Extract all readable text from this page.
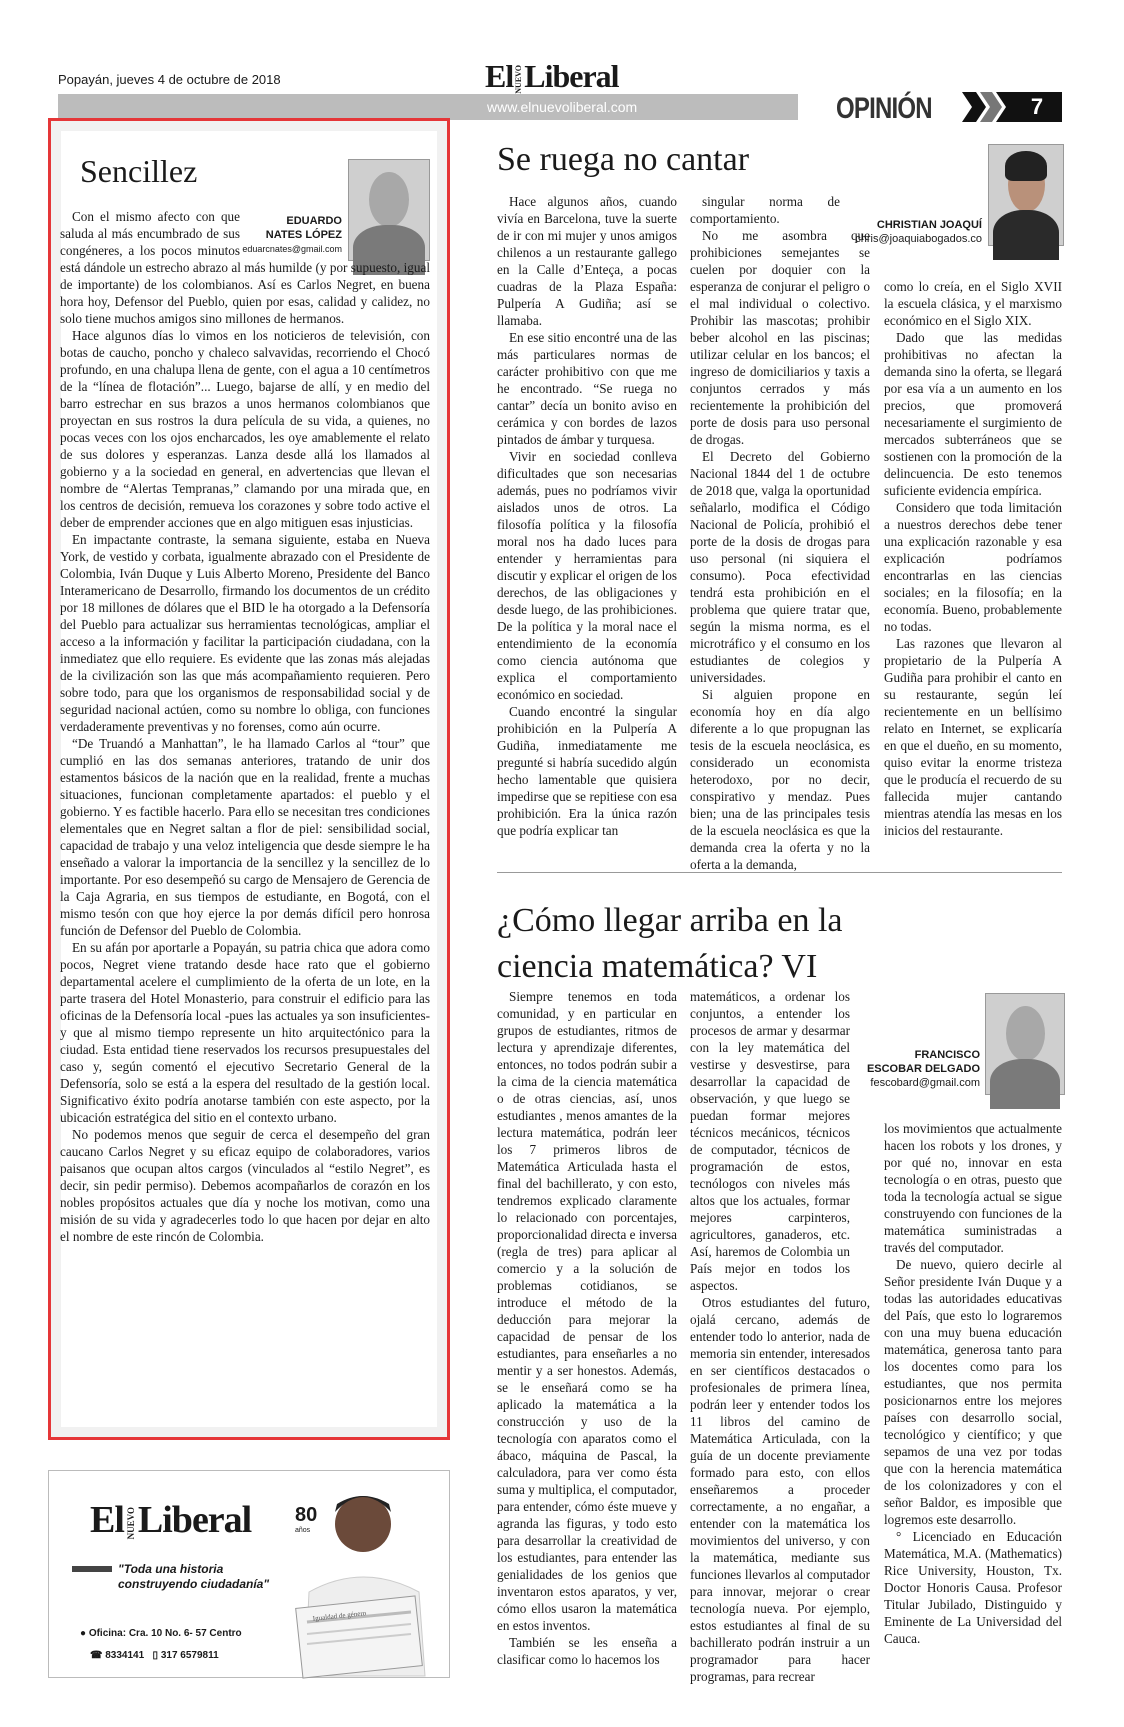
Popayán, jueves 4 de octubre de 2018	ElNUEVOLiberal
www.elnuevoliberal.com	OPINIÓN	7
Sencillez
EDUARDO
NATES LÓPEZ
eduarcnates@gmail.com

Con el mismo afecto con que saluda al más encumbrado de sus congéneres, a los pocos minutos está dándole un estrecho abrazo al más humilde (y por supuesto, igual de importante) de los colombianos. Así es Carlos Negret, en buena hora hoy, Defensor del Pueblo, quien por esas, calidad y calidez, no solo tiene muchos amigos sino millones de hermanos.

Hace algunos días lo vimos en los noticieros de televisión, con botas de caucho, poncho y chaleco salvavidas, recorriendo el Chocó profundo, en una chalupa llena de gente, con el agua a 10 centímetros de la “línea de flotación”... Luego, bajarse de allí, y en medio del barro estrechar en sus brazos a unos hermanos colombianos que proyectan en sus rostros la dura película de su vida, a quienes, no pocas veces con los ojos encharcados, les oye amablemente el relato de sus dolores y esperanzas. Lanza desde allá los llamados al gobierno y a la sociedad en general, en advertencias que llevan el nombre de “Alertas Tempranas,” clamando por una mirada que, en los centros de decisión, remueva los corazones y sobre todo active el deber de emprender acciones que en algo mitiguen esas injusticias.

En impactante contraste, la semana siguiente, estaba en Nueva York, de vestido y corbata, igualmente abrazado con el Presidente de Colombia, Iván Duque y Luis Alberto Moreno, Presidente del Banco Interamericano de Desarrollo, firmando los documentos de un crédito por 18 millones de dólares que el BID le ha otorgado a la Defensoría del Pueblo para actualizar sus herramientas tecnológicas, ampliar el acceso a la información y facilitar la participación ciudadana, con la inmediatez que ello requiere. Es evidente que las zonas más alejadas de la civilización son las que más acompañamiento requieren. Pero sobre todo, para que los organismos de responsabilidad social y de seguridad nacional actúen, como su nombre lo obliga, con funciones verdaderamente preventivas y no forenses, como aún ocurre.

“De Truandó a Manhattan”, le ha llamado Carlos al “tour” que cumplió en las dos semanas anteriores, tratando de unir dos estamentos básicos de la nación que en la realidad, frente a muchas situaciones, funcionan completamente apartados: el pueblo y el gobierno. Y es factible hacerlo. Para ello se necesitan tres condiciones elementales que en Negret saltan a flor de piel: sensibilidad social, capacidad de trabajo y una veloz inteligencia que desde siempre le ha enseñado a valorar la importancia de la sencillez y la sencillez de lo importante. Por eso desempeñó su cargo de Mensajero de Gerencia de la Caja Agraria, en sus tiempos de estudiante, en Bogotá, con el mismo tesón con que hoy ejerce la por demás difícil pero honrosa función de Defensor del Pueblo de Colombia.

En su afán por aportarle a Popayán, su patria chica que adora como pocos, Negret viene tratando desde hace rato que el gobierno departamental acelere el cumplimiento de la oferta de un lote, en la parte trasera del Hotel Monasterio, para construir el edificio para las oficinas de la Defensoría local -pues las actuales ya son insuficientes- y que al mismo tiempo represente un hito arquitectónico para la ciudad. Esta entidad tiene reservados los recursos presupuestales del caso y, según comentó el ejecutivo Secretario General de la Defensoría, solo se está a la espera del resultado de la gestión local. Significativo éxito podría anotarse también con este aspecto, por la ubicación estratégica del sitio en el contexto urbano.

No podemos menos que seguir de cerca el desempeño del gran caucano Carlos Negret y su eficaz equipo de colaboradores, varios paisanos que ocupan altos cargos (vinculados al “estilo Negret”, es decir, sin pedir permiso). Debemos acompañarlos de corazón en los nobles propósitos actuales que día y noche los motivan, como una misión de su vida y agradecerles todo lo que hacen por dejar en alto el nombre de este rincón de Colombia.

Se ruega no cantar
CHRISTIAN JOAQUÍ
chris@joaquiabogados.co

Hace algunos años, cuando vivía en Barcelona, tuve la suerte de ir con mi mujer y unos amigos chilenos a un restaurante gallego en la Calle d’Enteça, a pocas cuadras de la Plaza España: Pulpería A Gudiña; así se llamaba.

En ese sitio encontré una de las más particulares normas de carácter prohibitivo con que me he encontrado. “Se ruega no cantar” decía un bonito aviso en cerámica y con bordes de lazos pintados de ámbar y turquesa.

Vivir en sociedad conlleva dificultades que son necesarias además, pues no podríamos vivir aislados unos de otros. La filosofía política y la filosofía moral nos ha dado luces para entender y herramientas para discutir y explicar el origen de los derechos, de las obligaciones y desde luego, de las prohibiciones. De la política y la moral nace el entendimiento de la economía como ciencia autónoma que explica el comportamiento económico en sociedad.

Cuando encontré la singular prohibición en la Pulpería A Gudiña, inmediatamente me pregunté si habría sucedido algún hecho lamentable que quisiera impedirse que se repitiese con esa prohibición. Era la única razón que podría explicar tan

singular norma de comportamiento.

No me asombra que prohibiciones semejantes se cuelen por doquier con la esperanza de conjurar el peligro o el mal individual o colectivo. Prohibir las mascotas; prohibir beber alcohol en las piscinas; utilizar celular en los bancos; el ingreso de domiciliarios y taxis a conjuntos cerrados y más recientemente la prohibición del porte de dosis para uso personal de drogas.

El Decreto del Gobierno Nacional 1844 del 1 de octubre de 2018 que, valga la oportunidad señalarlo, modifica el Código Nacional de Policía, prohibió el porte de la dosis de drogas para uso personal (ni siquiera el consumo). Poca efectividad tendrá esta prohibición en el problema que quiere tratar que, según la misma norma, es el microtráfico y el consumo en los estudiantes de colegios y universidades.

Si alguien propone en economía hoy en día algo diferente a lo que propugnan las tesis de la escuela neoclásica, es considerado un economista heterodoxo, por no decir, conspirativo y mendaz. Pues bien; una de las principales tesis de la escuela neoclásica es que la demanda crea la oferta y no la oferta a la demanda,

como lo creía, en el Siglo XVII la escuela clásica, y el marxismo económico en el Siglo XIX.

Dado que las medidas prohibitivas no afectan la demanda sino la oferta, se llegará por esa vía a un aumento en los precios, que promoverá necesariamente el surgimiento de mercados subterráneos que se sostienen con la promoción de la delincuencia. De esto tenemos suficiente evidencia empírica.

Considero que toda limitación a nuestros derechos debe tener una explicación razonable y esa explicación podríamos encontrarlas en las ciencias sociales; en la filosofía; en la economía. Bueno, probablemente no todas.

Las razones que llevaron al propietario de la Pulpería A Gudiña para prohibir el canto en su restaurante, según leí recientemente en un bellísimo relato en Internet, se explicaría en que el dueño, en su momento, quiso evitar la enorme tristeza que le producía el recuerdo de su fallecida mujer cantando mientras atendía las mesas en los inicios del restaurante.

¿Cómo llegar arriba en la ciencia matemática? VI
FRANCISCO
ESCOBAR DELGADO
fescobard@gmail.com

Siempre tenemos en toda comunidad, y en particular en grupos de estudiantes, ritmos de lectura y aprendizaje diferentes, entonces, no todos podrán subir a la cima de la ciencia matemática o de otras ciencias, así, unos estudiantes , menos amantes de la lectura matemática, podrán leer los 7 primeros libros de Matemática Articulada hasta el final del bachillerato, y con esto, tendremos explicado claramente lo relacionado con porcentajes, proporcionalidad directa e inversa (regla de tres) para aplicar al comercio y a la solución de problemas cotidianos, se introduce el método de la deducción para mejorar la capacidad de pensar de los estudiantes, para enseñarles a no mentir y a ser honestos. Además, se le enseñará como se ha aplicado la matemática a la construcción y uso de la tecnología con aparatos como el ábaco, máquina de Pascal, la calculadora, para ver como ésta suma y multiplica, el computador, para entender, cómo éste mueve y agranda las figuras, y todo esto para desarrollar la creatividad de los estudiantes, para entender las genialidades de los genios que inventaron estos aparatos, y ver, cómo ellos usaron la matemática en estos inventos.

También se les enseña a clasificar como lo hacemos los

matemáticos, a ordenar los conjuntos, a entender los procesos de armar y desarmar con la ley matemática del vestirse y desvestirse, para desarrollar la capacidad de observación, y que luego se puedan formar mejores técnicos mecánicos, técnicos de computador, técnicos de programación de estos, tecnólogos con niveles más altos que los actuales, formar mejores carpinteros, agricultores, ganaderos, etc. Así, haremos de Colombia un País mejor en todos los aspectos.

Otros estudiantes del futuro, ojalá cercano, además de entender todo lo anterior, nada de memoria sin entender, interesados en ser científicos destacados o profesionales de primera línea, podrán leer y entender todos los 11 libros del camino de Matemática Articulada, con la guía de un docente previamente formado para esto, con ellos enseñaremos a proceder correctamente, a no engañar, a entender con la matemática los movimientos del universo, y con la matemática, mediante sus funciones llevarlos al computador para innovar, mejorar o crear tecnología nueva. Por ejemplo, estos estudiantes al final de su bachillerato podrán instruir a un programador para hacer programas, para recrear

los movimientos que actualmente hacen los robots y los drones, y por qué no, innovar en esta tecnología o en otras, puesto que toda la tecnología actual se sigue construyendo con funciones de la matemática suministradas a través del computador.

De nuevo, quiero decirle al Señor presidente Iván Duque y a todas las autoridades educativas del País, que esto lo lograremos con una muy buena educación matemática, generosa tanto para los docentes como para los estudiantes, que nos permita posicionarnos entre los mejores países con desarrollo social, tecnológico y científico; y que sepamos de una vez por todas que con la herencia matemática de los colonizadores y con el señor Baldor, es imposible que logremos este desarrollo.

° Licenciado en Educación Matemática, M.A. (Mathematics) Rice University, Houston, Tx. Doctor Honoris Causa. Profesor Titular Jubilado, Distinguido y Eminente de La Universidad del Cauca.

El NUEVOLiberal 80
años
"Toda una historia
construyendo ciudadanía"
● Oficina: Cra. 10 No. 6- 57 Centro
☎ 8334141 ▯ 317 6579811
Igualdad de género
